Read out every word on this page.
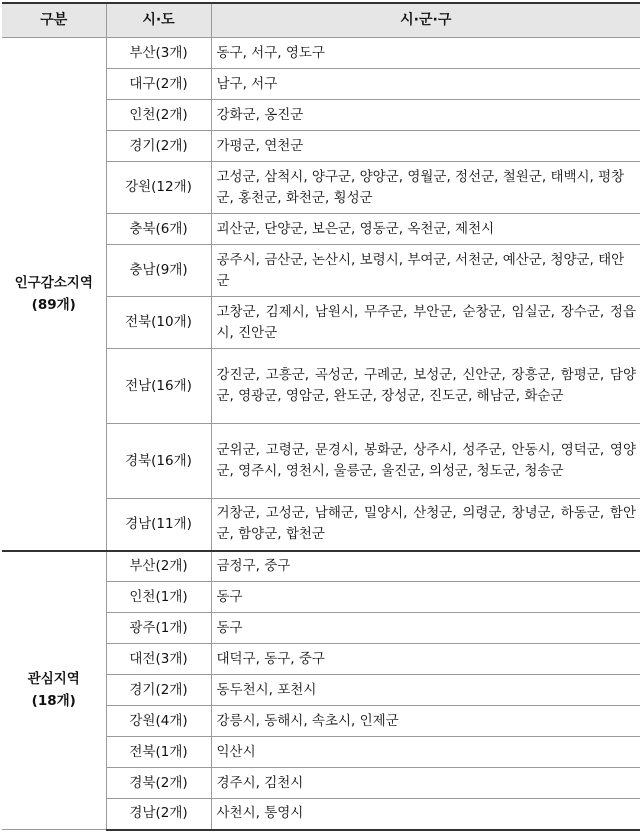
구분	시·도	시·군·구

인구감소지역
(89개)	부산(3개)	동구, 서구, 영도구
	대구(2개)	남구, 서구
	인천(2개)	강화군, 옹진군
	경기(2개)	가평군, 연천군
	강원(12개)	고성군, 삼척시, 양구군, 양양군, 영월군, 정선군, 철원군, 태백시, 평창군, 홍천군, 화천군, 횡성군
	충북(6개)	괴산군, 단양군, 보은군, 영동군, 옥천군, 제천시
	충남(9개)	공주시, 금산군, 논산시, 보령시, 부여군, 서천군, 예산군, 청양군, 태안군
	전북(10개)	고창군, 김제시, 남원시, 무주군, 부안군, 순창군, 임실군, 장수군, 정읍시, 진안군
	전남(16개)	강진군, 고흥군, 곡성군, 구례군, 보성군, 신안군, 장흥군, 함평군, 담양군, 영광군, 영암군, 완도군, 장성군, 진도군, 해남군, 화순군
	경북(16개)	군위군, 고령군, 문경시, 봉화군, 상주시, 성주군, 안동시, 영덕군, 영양군, 영주시, 영천시, 울릉군, 울진군, 의성군, 청도군, 청송군
	경남(11개)	거창군, 고성군, 남해군, 밀양시, 산청군, 의령군, 창녕군, 하동군, 함안군, 함양군, 합천군

관심지역
(18개)	부산(2개)	금정구, 중구
	인천(1개)	동구
	광주(1개)	동구
	대전(3개)	대덕구, 동구, 중구
	경기(2개)	동두천시, 포천시
	강원(4개)	강릉시, 동해시, 속초시, 인제군
	전북(1개)	익산시
	경북(2개)	경주시, 김천시
	경남(2개)	사천시, 통영시
